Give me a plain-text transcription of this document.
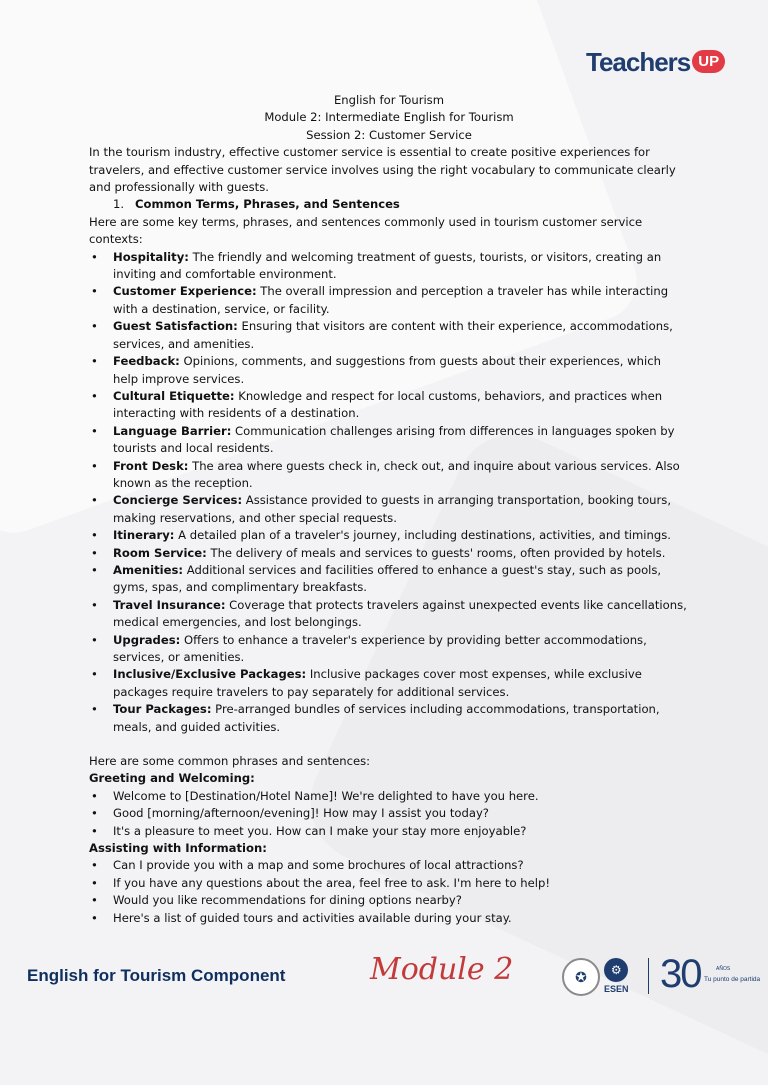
Teachers UP

English for Tourism

Module 2: Intermediate English for Tourism

Session 2: Customer Service

In the tourism industry, effective customer service is essential to create positive experiences for travelers, and effective customer service involves using the right vocabulary to communicate clearly and professionally with guests.

1. Common Terms, Phrases, and Sentences

Here are some key terms, phrases, and sentences commonly used in tourism customer service contexts:

• Hospitality: The friendly and welcoming treatment of guests, tourists, or visitors, creating an inviting and comfortable environment.
• Customer Experience: The overall impression and perception a traveler has while interacting with a destination, service, or facility.
• Guest Satisfaction: Ensuring that visitors are content with their experience, accommodations, services, and amenities.
• Feedback: Opinions, comments, and suggestions from guests about their experiences, which help improve services.
• Cultural Etiquette: Knowledge and respect for local customs, behaviors, and practices when interacting with residents of a destination.
• Language Barrier: Communication challenges arising from differences in languages spoken by tourists and local residents.
• Front Desk: The area where guests check in, check out, and inquire about various services. Also known as the reception.
• Concierge Services: Assistance provided to guests in arranging transportation, booking tours, making reservations, and other special requests.
• Itinerary: A detailed plan of a traveler's journey, including destinations, activities, and timings.
• Room Service: The delivery of meals and services to guests' rooms, often provided by hotels.
• Amenities: Additional services and facilities offered to enhance a guest's stay, such as pools, gyms, spas, and complimentary breakfasts.
• Travel Insurance: Coverage that protects travelers against unexpected events like cancellations, medical emergencies, and lost belongings.
• Upgrades: Offers to enhance a traveler's experience by providing better accommodations, services, or amenities.
• Inclusive/Exclusive Packages: Inclusive packages cover most expenses, while exclusive packages require travelers to pay separately for additional services.
• Tour Packages: Pre-arranged bundles of services including accommodations, transportation, meals, and guided activities.

Here are some common phrases and sentences:

Greeting and Welcoming:

• Welcome to [Destination/Hotel Name]! We're delighted to have you here.
• Good [morning/afternoon/evening]! How may I assist you today?
• It's a pleasure to meet you. How can I make your stay more enjoyable?

Assisting with Information:

• Can I provide you with a map and some brochures of local attractions?
• If you have any questions about the area, feel free to ask. I'm here to help!
• Would you like recommendations for dining options nearby?
• Here's a list of guided tours and activities available during your stay.
English for Tourism Component	Module 2	✪	⚙
ESEN 30	AÑOS
Tu punto de partida
